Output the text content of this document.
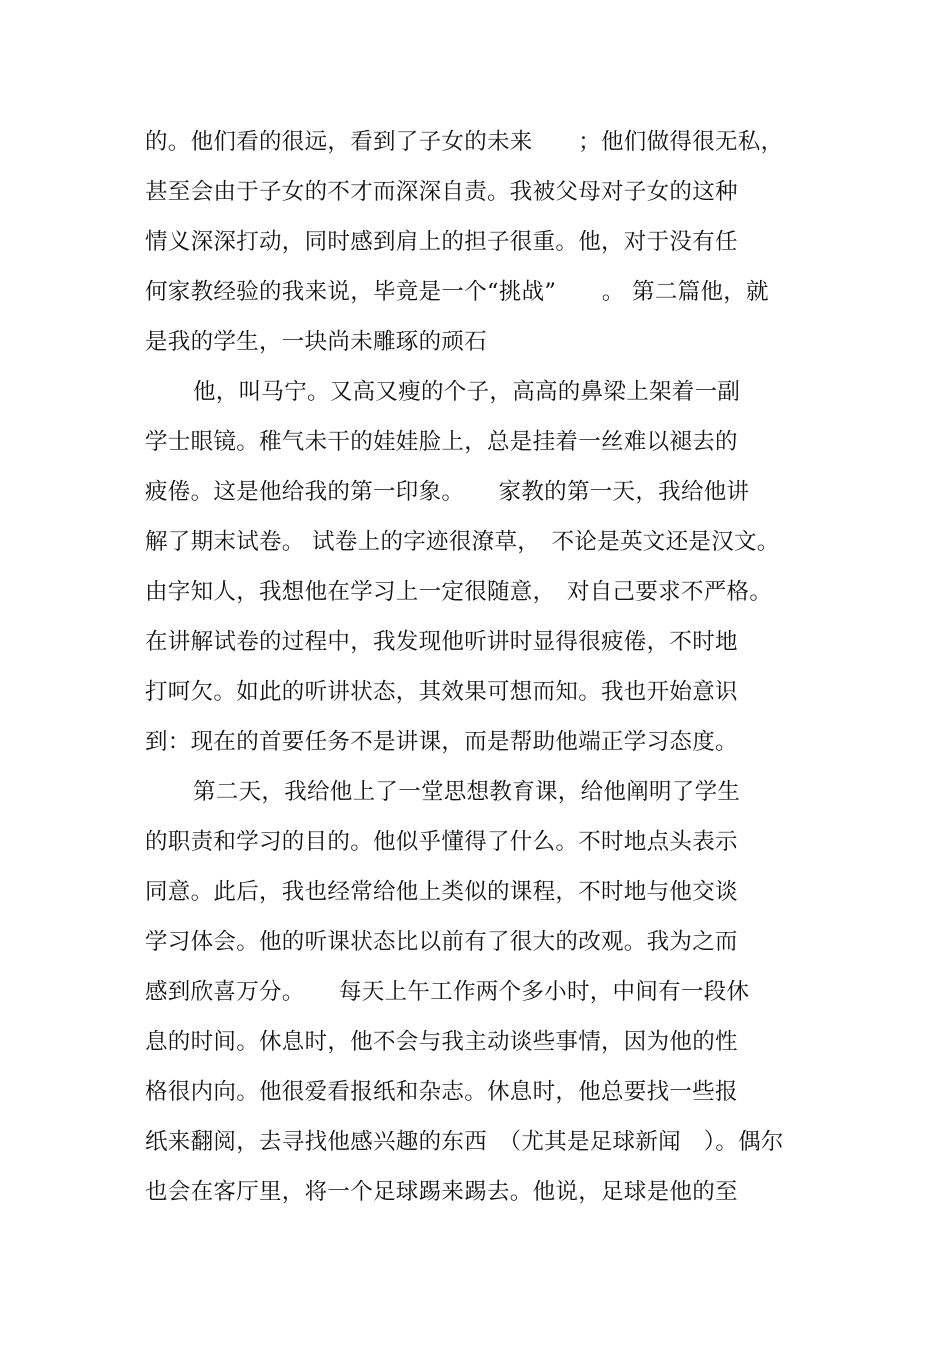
的。他们看的很远，看到了子女的未来　　；他们做得很无私，
甚至会由于子女的不才而深深自责。我被父母对子女的这种
情义深深打动，同时感到肩上的担子很重。他，对于没有任
何家教经验的我来说，毕竟是一个“挑战”　　。 第二篇他，就
是我的学生，一块尚未雕琢的顽石
他，叫马宁。又高又瘦的个子，高高的鼻梁上架着一副
学士眼镜。稚气未干的娃娃脸上，总是挂着一丝难以褪去的
疲倦。这是他给我的第一印象。　　家教的第一天，我给他讲
解了期末试卷。 试卷上的字迹很潦草，　不论是英文还是汉文。
由字知人，我想他在学习上一定很随意，　对自己要求不严格。
在讲解试卷的过程中，我发现他听讲时显得很疲倦，不时地
打呵欠。如此的听讲状态，其效果可想而知。我也开始意识
到：现在的首要任务不是讲课，而是帮助他端正学习态度。
第二天，我给他上了一堂思想教育课，给他阐明了学生
的职责和学习的目的。他似乎懂得了什么。不时地点头表示
同意。此后，我也经常给他上类似的课程，不时地与他交谈
学习体会。他的听课状态比以前有了很大的改观。我为之而
感到欣喜万分。　　每天上午工作两个多小时，中间有一段休
息的时间。休息时，他不会与我主动谈些事情，因为他的性
格很内向。他很爱看报纸和杂志。休息时，他总要找一些报
纸来翻阅，去寻找他感兴趣的东西　（尤其是足球新闻　）。偶尔
也会在客厅里，将一个足球踢来踢去。他说，足球是他的至
